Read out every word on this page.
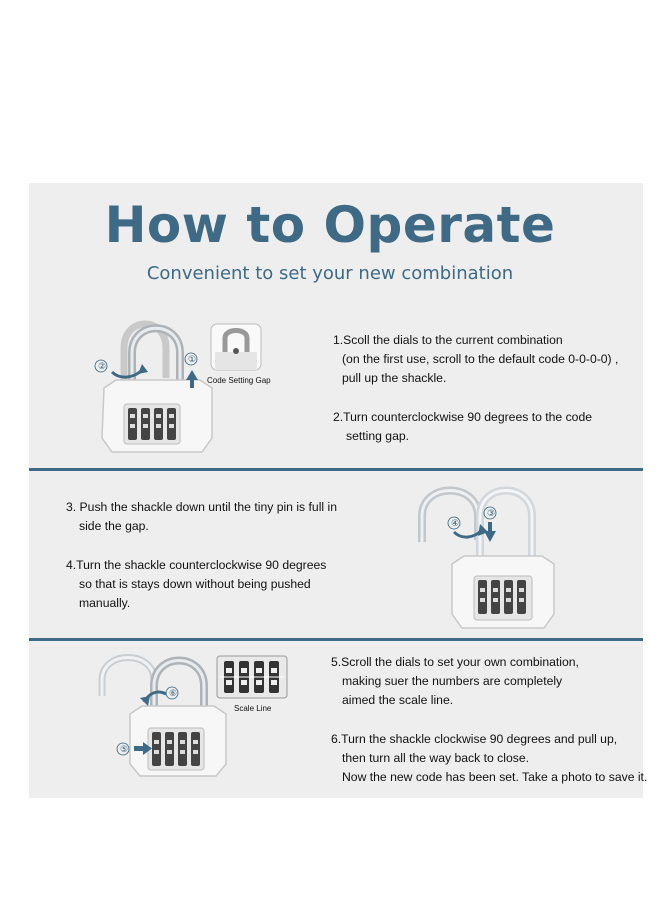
How to Operate
Convenient to set your new combination
②
①
Code Setting Gap
1.Scoll the dials to the current combination
(on the first use, scroll to the default code 0-0-0-0) ,
pull up the shackle.
2.Turn counterclockwise 90 degrees to the code
setting gap.
3. Push the shackle down until the tiny pin is full in
side the gap.
4.Turn the shackle counterclockwise 90 degrees
so that is stays down without being pushed
manually.
④
③
⑥
⑤
Scale Line
5.Scroll the dials to set your own combination,
making suer the numbers are completely
aimed the scale line.
6.Turn the shackle clockwise 90 degrees and pull up,
then turn all the way back to close.
Now the new code has been set. Take a photo to save it.
